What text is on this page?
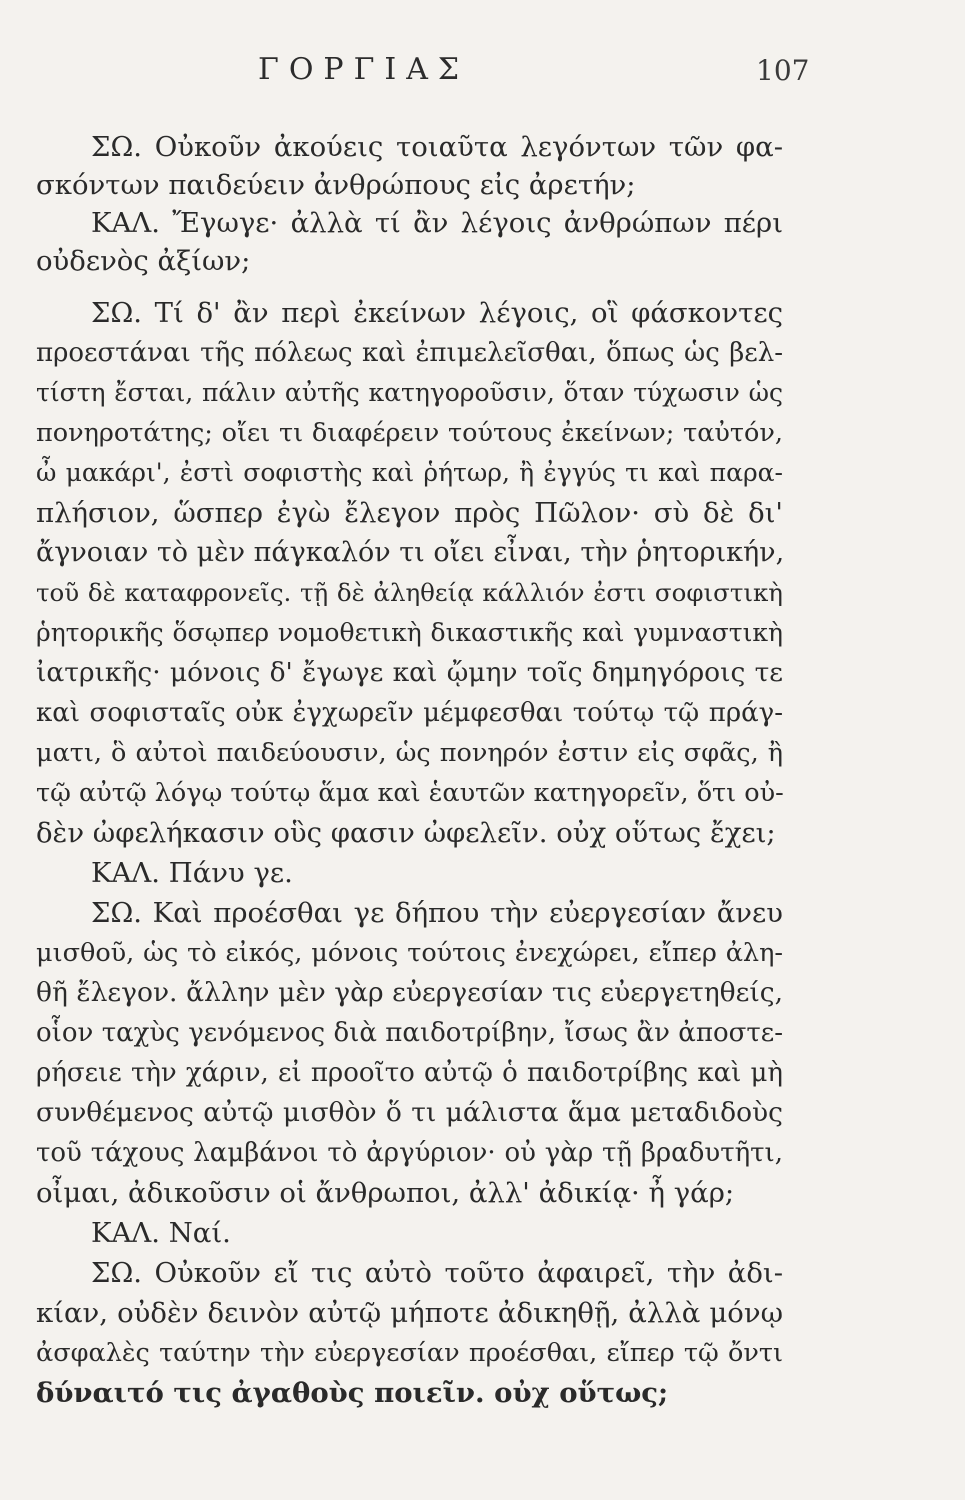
ΓΟΡΓΙΑΣ	107
ΣΩ. Οὐκοῦν ἀκούεις τοιαῦτα λεγόντων τῶν φα-
σκόντων παιδεύειν ἀνθρώπους εἰς ἀρετήν;
ΚΑΛ. Ἔγωγε· ἀλλὰ τί ἂν λέγοις ἀνθρώπων πέρι
οὐδενὸς ἀξίων;
ΣΩ. Τί δ' ἂν περὶ ἐκείνων λέγοις, οἳ φάσκοντες
προεστάναι τῆς πόλεως καὶ ἐπιμελεῖσθαι, ὅπως ὡς βελ-
τίστη ἔσται, πάλιν αὐτῆς κατηγοροῦσιν, ὅταν τύχωσιν ὡς
πονηροτάτης; οἴει τι διαφέρειν τούτους ἐκείνων; ταὐτόν,
ὦ μακάρι', ἐστὶ σοφιστὴς καὶ ῥήτωρ, ἢ ἐγγύς τι καὶ παρα-
πλήσιον, ὥσπερ ἐγὼ ἔλεγον πρὸς Πῶλον· σὺ δὲ δι'
ἄγνοιαν τὸ μὲν πάγκαλόν τι οἴει εἶναι, τὴν ῥητορικήν,
τοῦ δὲ καταφρονεῖς. τῇ δὲ ἀληθείᾳ κάλλιόν ἐστι σοφιστικὴ
ῥητορικῆς ὅσῳπερ νομοθετικὴ δικαστικῆς καὶ γυμναστικὴ
ἰατρικῆς· μόνοις δ' ἔγωγε καὶ ᾤμην τοῖς δημηγόροις τε
καὶ σοφισταῖς οὐκ ἐγχωρεῖν μέμφεσθαι τούτῳ τῷ πράγ-
ματι, ὃ αὐτοὶ παιδεύουσιν, ὡς πονηρόν ἐστιν εἰς σφᾶς, ἢ
τῷ αὐτῷ λόγῳ τούτῳ ἅμα καὶ ἑαυτῶν κατηγορεῖν, ὅτι οὐ-
δὲν ὠφελήκασιν οὓς φασιν ὠφελεῖν. οὐχ οὕτως ἔχει;
ΚΑΛ. Πάνυ γε.
ΣΩ. Καὶ προέσθαι γε δήπου τὴν εὐεργεσίαν ἄνευ
μισθοῦ, ὡς τὸ εἰκός, μόνοις τούτοις ἐνεχώρει, εἴπερ ἀλη-
θῆ ἔλεγον. ἄλλην μὲν γὰρ εὐεργεσίαν τις εὐεργετηθείς,
οἷον ταχὺς γενόμενος διὰ παιδοτρίβην, ἴσως ἂν ἀποστε-
ρήσειε τὴν χάριν, εἰ προοῖτο αὐτῷ ὁ παιδοτρίβης καὶ μὴ
συνθέμενος αὐτῷ μισθὸν ὅ τι μάλιστα ἅμα μεταδιδοὺς
τοῦ τάχους λαμβάνοι τὸ ἀργύριον· οὐ γὰρ τῇ βραδυτῆτι,
οἶμαι, ἀδικοῦσιν οἱ ἄνθρωποι, ἀλλ' ἀδικίᾳ· ἦ γάρ;
ΚΑΛ. Ναί.
ΣΩ. Οὐκοῦν εἴ τις αὐτὸ τοῦτο ἀφαιρεῖ, τὴν ἀδι-
κίαν, οὐδὲν δεινὸν αὐτῷ μήποτε ἀδικηθῇ, ἀλλὰ μόνῳ
ἀσφαλὲς ταύτην τὴν εὐεργεσίαν προέσθαι, εἴπερ τῷ ὄντι
δύναιτό τις ἀγαθοὺς ποιεῖν. οὐχ οὕτως;
